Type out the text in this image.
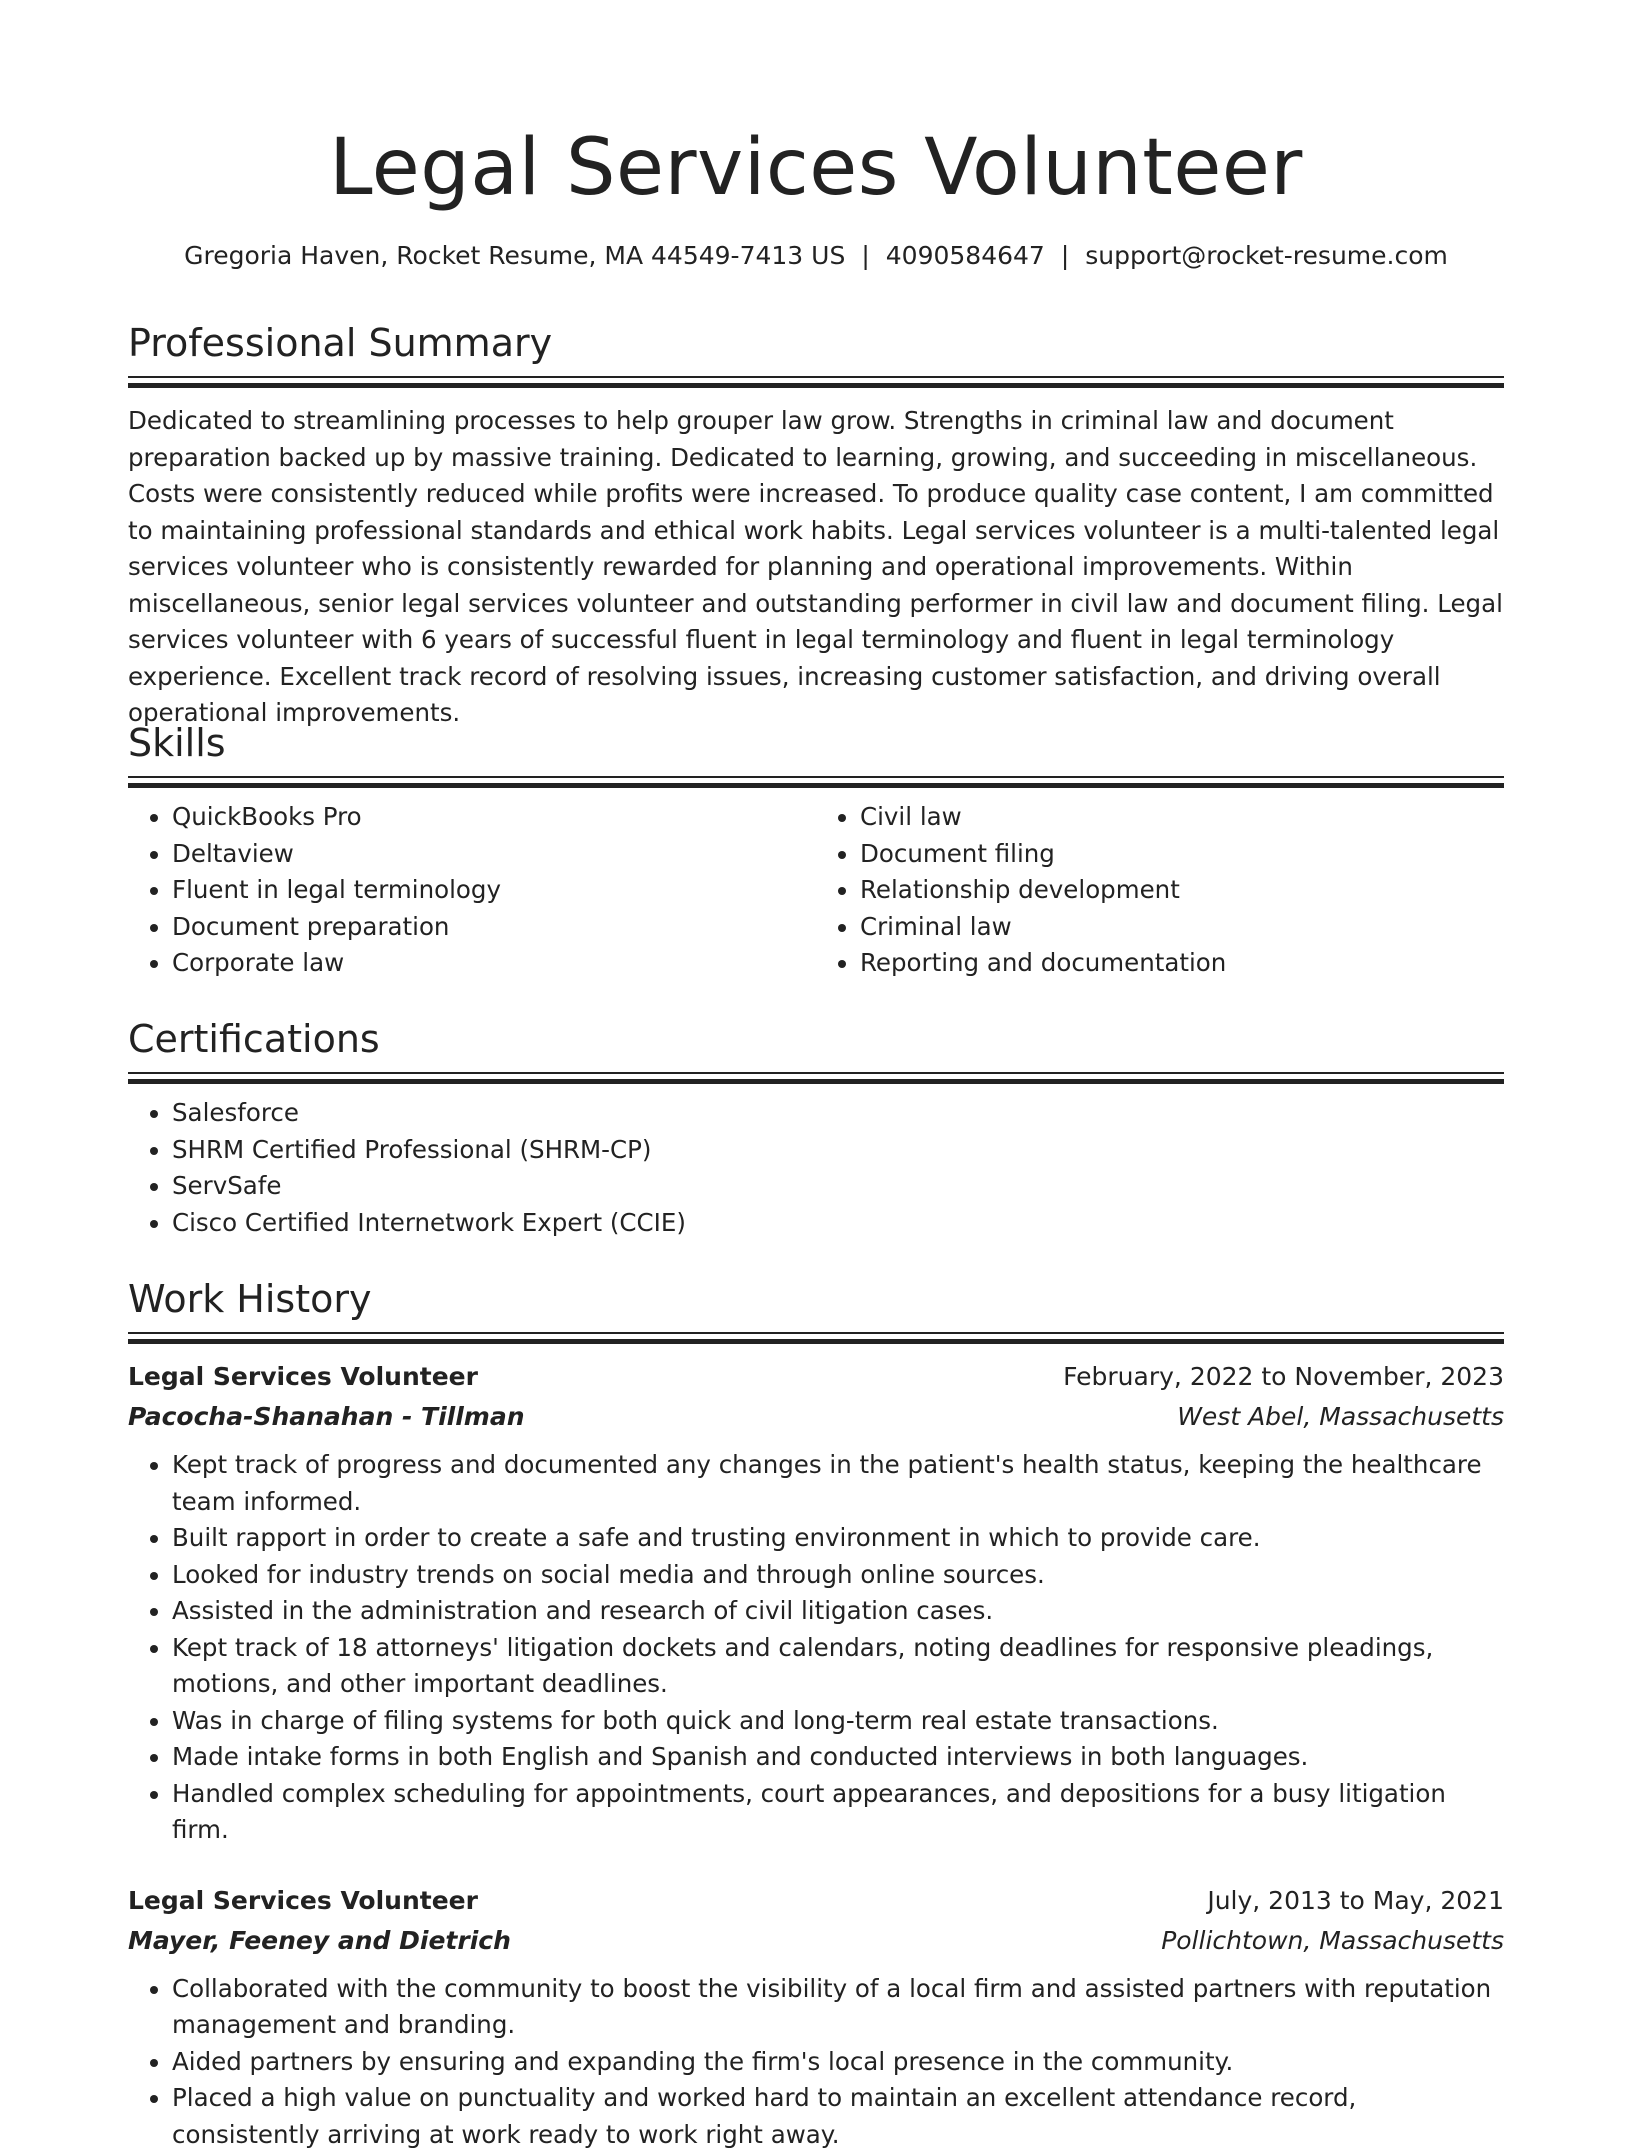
Legal Services Volunteer
Gregoria Haven, Rocket Resume, MA 44549-7413 US | 4090584647 | support@rocket-resume.com
Professional Summary

Dedicated to streamlining processes to help grouper law grow. Strengths in criminal law and document preparation backed up by massive training. Dedicated to learning, growing, and succeeding in miscellaneous. Costs were consistently reduced while profits were increased. To produce quality case content, I am committed to maintaining professional standards and ethical work habits. Legal services volunteer is a multi-talented legal services volunteer who is consistently rewarded for planning and operational improvements. Within miscellaneous, senior legal services volunteer and outstanding performer in civil law and document filing. Legal services volunteer with 6 years of successful fluent in legal terminology and fluent in legal terminology experience. Excellent track record of resolving issues, increasing customer satisfaction, and driving overall operational improvements.

Skills
• QuickBooks Pro
• Deltaview
• Fluent in legal terminology
• Document preparation
• Corporate law
• Civil law
• Document filing
• Relationship development
• Criminal law
• Reporting and documentation
Certifications
• Salesforce
• SHRM Certified Professional (SHRM-CP)
• ServSafe
• Cisco Certified Internetwork Expert (CCIE)
Work History
Legal Services Volunteer	February, 2022 to November, 2023
Pacocha-Shanahan - Tillman	West Abel, Massachusetts
• Kept track of progress and documented any changes in the patient's health status, keeping the healthcare team informed.
• Built rapport in order to create a safe and trusting environment in which to provide care.
• Looked for industry trends on social media and through online sources.
• Assisted in the administration and research of civil litigation cases.
• Kept track of 18 attorneys' litigation dockets and calendars, noting deadlines for responsive pleadings, motions, and other important deadlines.
• Was in charge of filing systems for both quick and long-term real estate transactions.
• Made intake forms in both English and Spanish and conducted interviews in both languages.
• Handled complex scheduling for appointments, court appearances, and depositions for a busy litigation firm.
Legal Services Volunteer	July, 2013 to May, 2021
Mayer, Feeney and Dietrich	Pollichtown, Massachusetts
• Collaborated with the community to boost the visibility of a local firm and assisted partners with reputation management and branding.
• Aided partners by ensuring and expanding the firm's local presence in the community.
• Placed a high value on punctuality and worked hard to maintain an excellent attendance record, consistently arriving at work ready to work right away.
